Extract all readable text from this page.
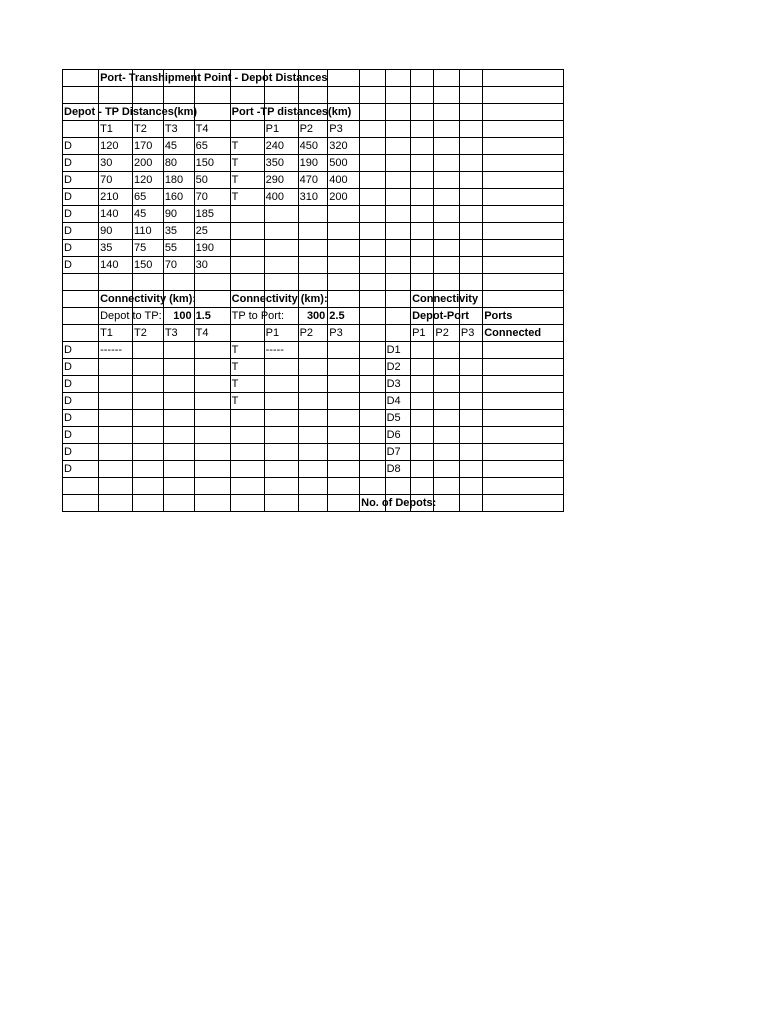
	Port- Transhipment Point - Depot Distances													

Depot - TP Distances(km)					Port -TP distances(km)									
	T1	T2	T3	T4		P1	P2	P3						
D	120	170	45	65	T	240	450	320						
D	30	200	80	150	T	350	190	500						
D	70	120	180	50	T	290	470	400						
D	210	65	160	70	T	400	310	200						
D	140	45	90	185										
D	90	110	35	25										
D	35	75	55	190										
D	140	150	70	30										

	Connectivity (km):				Connectivity (km):						Connectivity			
	Depot to TP:		100	1.5	TP to Port:		300	2.5			Depot-Port			Ports
	T1	T2	T3	T4		P1	P2	P3			P1	P2	P3	Connected
D	------				T	-----				D1				
D					T					D2				
D					T					D3				
D					T					D4				
D										D5				
D										D6				
D										D7				
D										D8				

									No. of Depots:					
